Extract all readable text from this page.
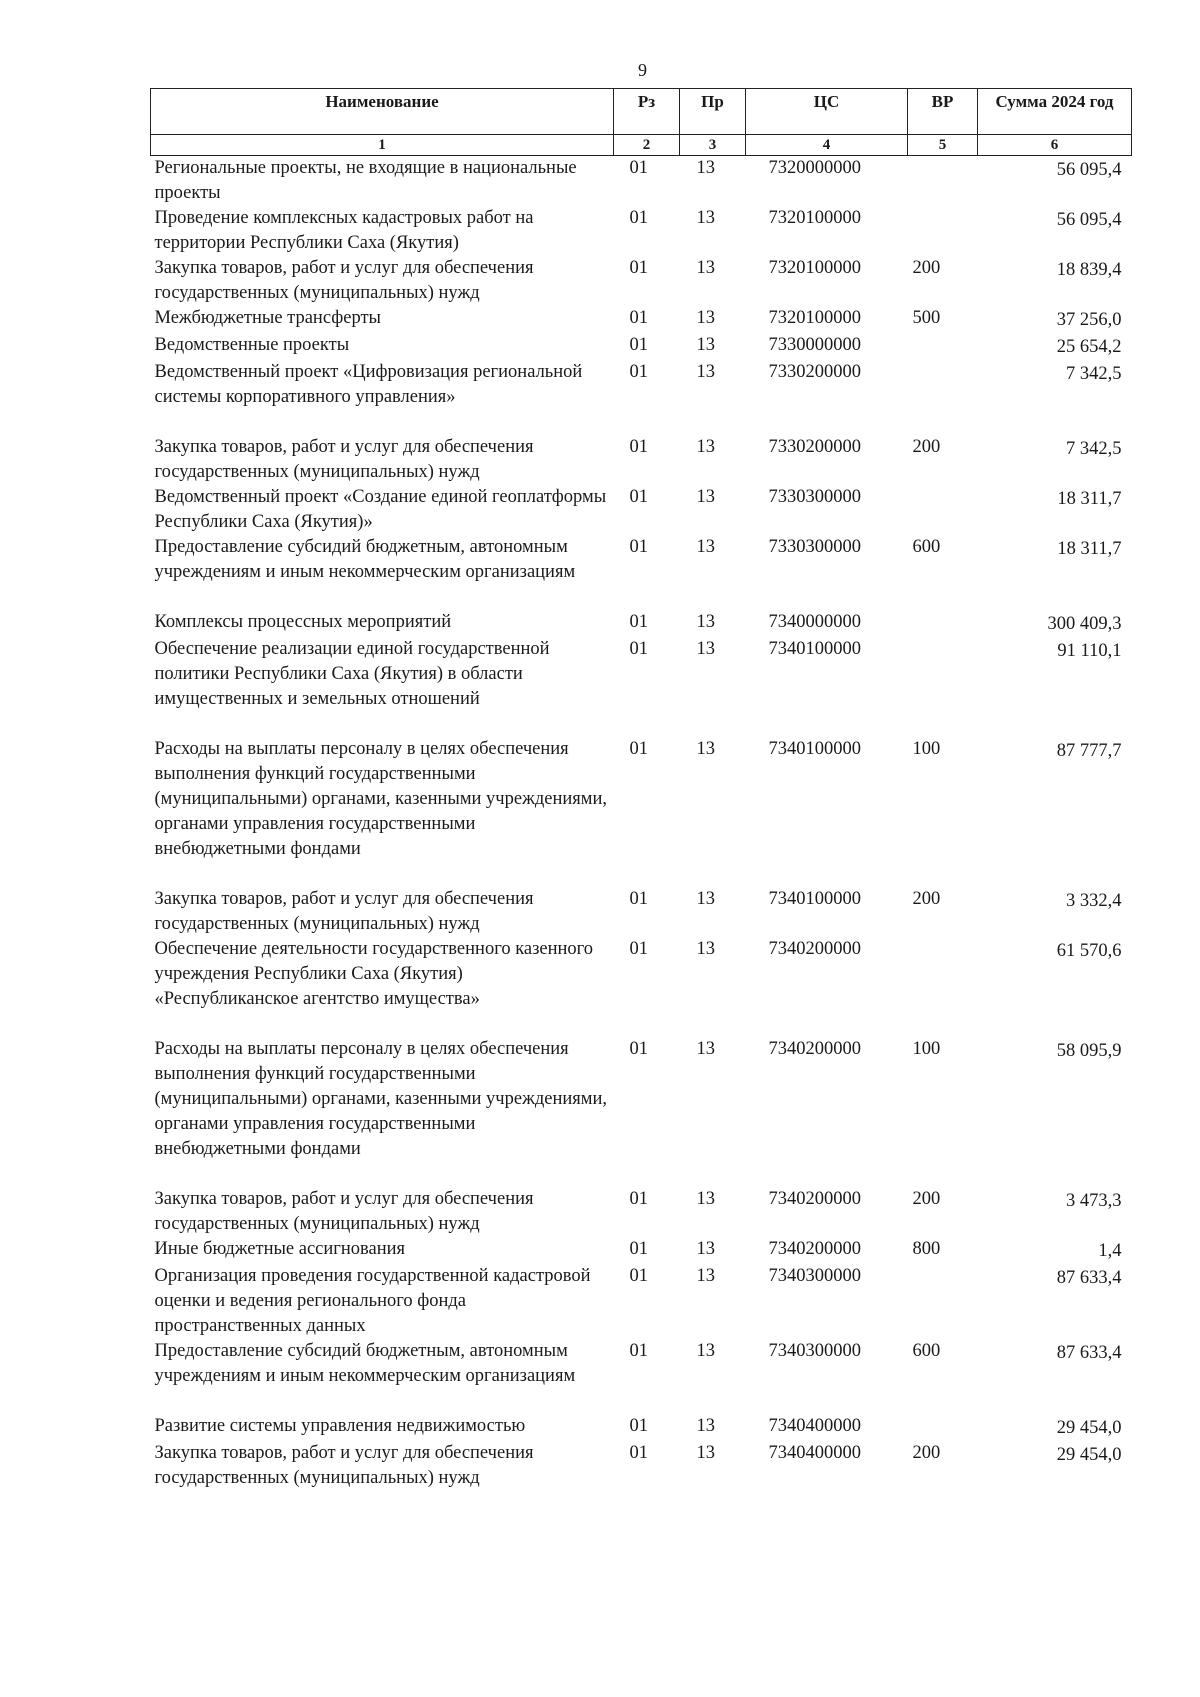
9
Наименование	Рз	Пр	ЦС	ВР	Сумма 2024 год
1	2	3	4	5	6
Региональные проекты, не входящие в национальные проекты	01	13	7320000000		56 095,4
Проведение комплексных кадастровых работ на территории Республики Саха (Якутия)	01	13	7320100000		56 095,4
Закупка товаров, работ и услуг для обеспечения государственных (муниципальных) нужд	01	13	7320100000	200	18 839,4
Межбюджетные трансферты	01	13	7320100000	500	37 256,0
Ведомственные проекты	01	13	7330000000		25 654,2
Ведомственный проект «Цифровизация региональной системы корпоративного управления»	01	13	7330200000		7 342,5
Закупка товаров, работ и услуг для обеспечения государственных (муниципальных) нужд	01	13	7330200000	200	7 342,5
Ведомственный проект «Создание единой геоплатформы Республики Саха (Якутия)»	01	13	7330300000		18 311,7
Предоставление субсидий бюджетным, автономным учреждениям и иным некоммерческим организациям	01	13	7330300000	600	18 311,7
Комплексы процессных мероприятий	01	13	7340000000		300 409,3
Обеспечение реализации единой государственной политики Республики Саха (Якутия) в области имущественных и земельных отношений	01	13	7340100000		91 110,1
Расходы на выплаты персоналу в целях обеспечения выполнения функций государственными (муниципальными) органами, казенными учреждениями, органами управления государственными внебюджетными фондами	01	13	7340100000	100	87 777,7
Закупка товаров, работ и услуг для обеспечения государственных (муниципальных) нужд	01	13	7340100000	200	3 332,4
Обеспечение деятельности государственного казенного учреждения Республики Саха (Якутия) «Республиканское агентство имущества»	01	13	7340200000		61 570,6
Расходы на выплаты персоналу в целях обеспечения выполнения функций государственными (муниципальными) органами, казенными учреждениями, органами управления государственными внебюджетными фондами	01	13	7340200000	100	58 095,9
Закупка товаров, работ и услуг для обеспечения государственных (муниципальных) нужд	01	13	7340200000	200	3 473,3
Иные бюджетные ассигнования	01	13	7340200000	800	1,4
Организация проведения государственной кадастровой оценки и ведения регионального фонда пространственных данных	01	13	7340300000		87 633,4
Предоставление субсидий бюджетным, автономным учреждениям и иным некоммерческим организациям	01	13	7340300000	600	87 633,4
Развитие системы управления недвижимостью	01	13	7340400000		29 454,0
Закупка товаров, работ и услуг для обеспечения государственных (муниципальных) нужд	01	13	7340400000	200	29 454,0
